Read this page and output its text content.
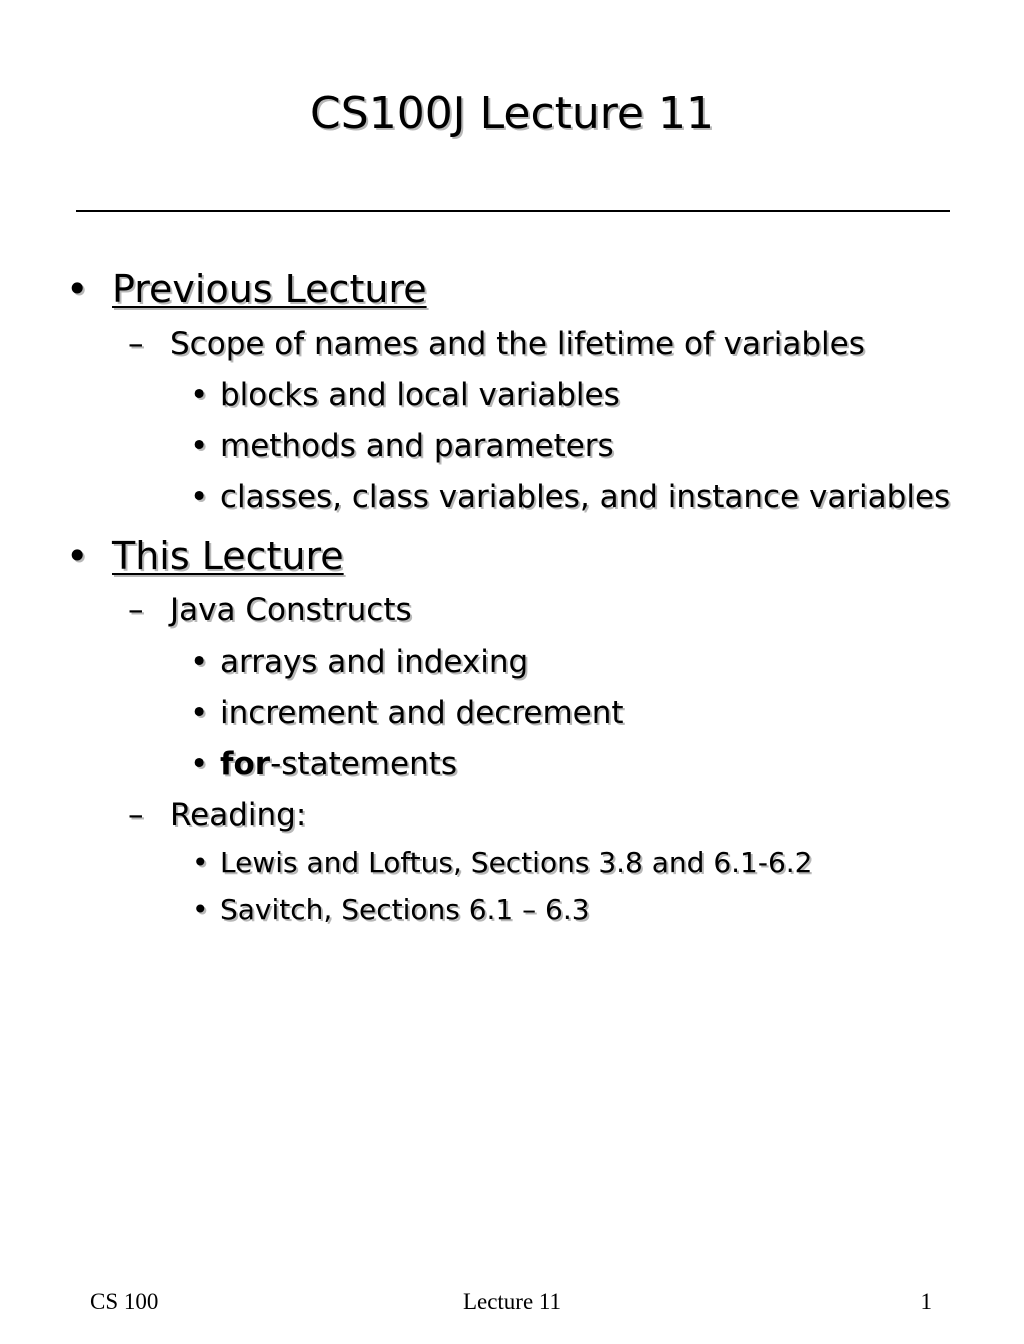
CS100J Lecture 11
• Previous Lecture
– Scope of names and the lifetime of variables
• blocks and local variables
• methods and parameters
• classes, class variables, and instance variables
• This Lecture
– Java Constructs
• arrays and indexing
• increment and decrement
• for-statements
– Reading:
• Lewis and Loftus, Sections 3.8 and 6.1-6.2
• Savitch, Sections 6.1 – 6.3
CS 100	Lecture 11	1
